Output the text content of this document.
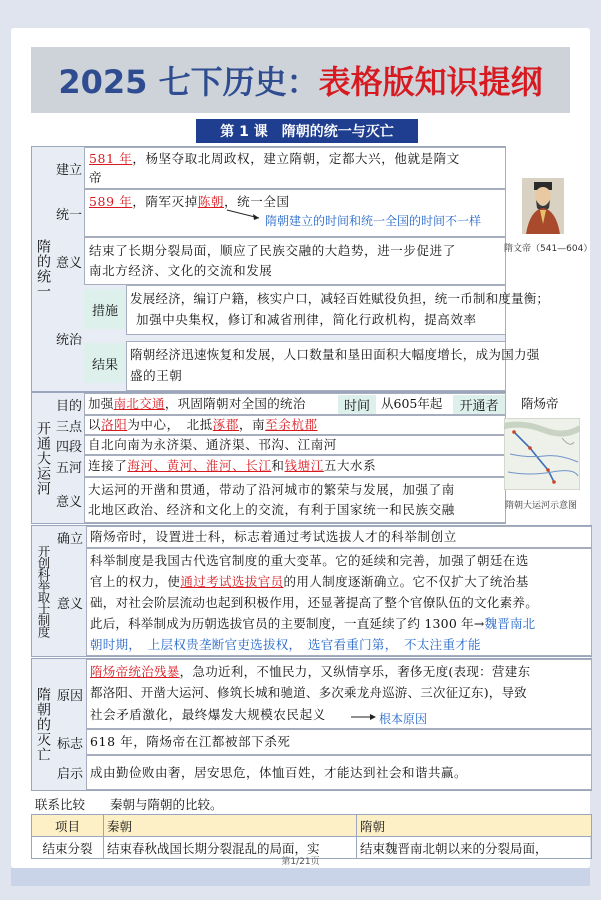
2025 七下历史： 表格版知识提纲
第 1 课　隋朝的统一与灭亡
隋的统一
建立
581 年，杨坚夺取北周政权，建立隋朝，定都大兴，他就是隋文
帝
统一
589 年，隋军灭掉陈朝，统一全国
隋朝建立的时间和统一全国的时间不一样
意义
结束了长期分裂局面，顺应了民族交融的大趋势，进一步促进了
南北方经济、文化的交流和发展
统治
措施
发展经济，编订户籍，核实户口，减轻百姓赋役负担，统一币制和度量衡；
加强中央集权，修订和减省刑律，简化行政机构，提高效率
结果
隋朝经济迅速恢复和发展，人口数量和垦田面积大幅度增长，成为国力强
盛的王朝
隋文帝（541—604）
开通大运河
目的 加强南北交通，巩固隋朝对全国的统治	时间 从605年起	开通者
三点 以洛阳为中心，　北抵涿郡，南至余杭郡
四段 自北向南为永济渠、通济渠、邗沟、江南河
五河 连接了海河、黄河、淮河、长江和钱塘江五大水系
意义
大运河的开凿和贯通，带动了沿河城市的繁荣与发展，加强了南
北地区政治、经济和文化上的交流，有利于国家统一和民族交融
隋炀帝
隋朝大运河示意图
开创科举取士制度
确立 隋炀帝时，设置进士科，标志着通过考试选拔人才的科举制创立
意义
科举制度是我国古代选官制度的重大变革。它的延续和完善，加强了朝廷在选
官上的权力，使通过考试选拔官员的用人制度逐渐确立。它不仅扩大了统治基
础，对社会阶层流动也起到积极作用，还显著提高了整个官僚队伍的文化素养。
此后，科举制成为历朝选拔官员的主要制度，一直延续了约 1300 年→魏晋南北
朝时期，　上层权贵垄断官吏选拔权，　选官看重门第，　不太注重才能
隋朝的灭亡 原因
隋炀帝统治残暴，急功近利，不恤民力，又纵情享乐，奢侈无度(表现：营建东
都洛阳、开凿大运河、修筑长城和驰道、多次乘龙舟巡游、三次征辽东)，导致
社会矛盾激化，最终爆发大规模农民起义	根本原因
标志 618 年，隋炀帝在江都被部下杀死
启示 成由勤俭败由奢，居安思危，体恤百姓，才能达到社会和谐共赢。
联系比较　　秦朝与隋朝的比较。
项目	秦朝	隋朝
结束分裂	结束春秋战国长期分裂混乱的局面，实	结束魏晋南北朝以来的分裂局面，
第1/21页
